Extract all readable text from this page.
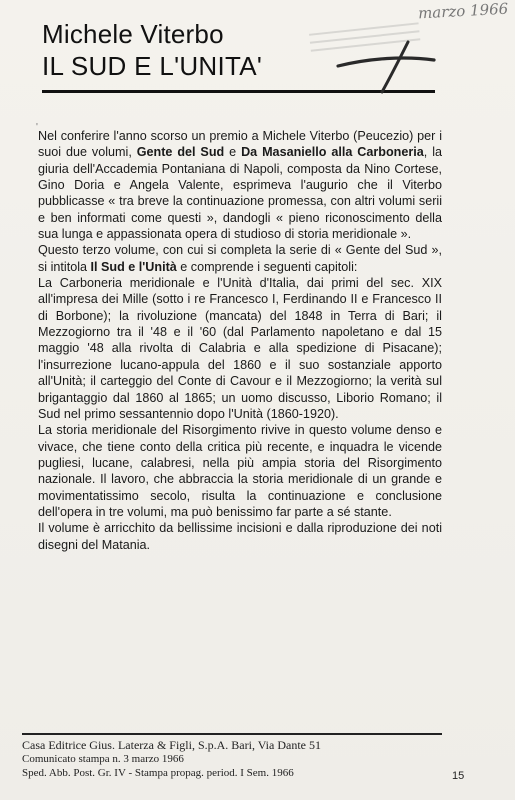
marzo 1966
Michele Viterbo
IL SUD E L'UNITA'
'

Nel conferire l'anno scorso un premio a Michele Viterbo (Peucezio) per i suoi due volumi, Gente del Sud e Da Masaniello alla Carboneria, la giuria dell'Accademia Pontaniana di Napoli, composta da Nino Cortese, Gino Doria e Angela Valente, esprimeva l'augurio che il Viterbo pubblicasse « tra breve la continuazione promessa, con altri volumi serii e ben informati come questi », dandogli « pieno riconoscimento della sua lunga e appassionata opera di studioso di storia meridionale ».

Questo terzo volume, con cui si completa la serie di « Gente del Sud », si intitola Il Sud e l'Unità e comprende i seguenti capitoli:

La Carboneria meridionale e l'Unità d'Italia, dai primi del sec. XIX all'impresa dei Mille (sotto i re Francesco I, Ferdinando II e Francesco II di Borbone); la rivoluzione (mancata) del 1848 in Terra di Bari; il Mezzogiorno tra il '48 e il '60 (dal Parlamento napoletano e dal 15 maggio '48 alla rivolta di Calabria e alla spedizione di Pisacane); l'insurrezione lucano-appula del 1860 e il suo sostanziale apporto all'Unità; il carteggio del Conte di Cavour e il Mezzogiorno; la verità sul brigantaggio dal 1860 al 1865; un uomo discusso, Liborio Romano; il Sud nel primo sessantennio dopo l'Unità (1860-1920).

La storia meridionale del Risorgimento rivive in questo volume denso e vivace, che tiene conto della critica più recente, e inquadra le vicende pugliesi, lucane, calabresi, nella più ampia storia del Risorgimento nazionale. Il lavoro, che abbraccia la storia meridionale di un grande e movimentatissimo secolo, risulta la continuazione e conclusione dell'opera in tre volumi, ma può benissimo far parte a sé stante.

Il volume è arricchito da bellissime incisioni e dalla riproduzione dei noti disegni del Matania.

Casa Editrice Gius. Laterza & Figli, S.p.A. Bari, Via Dante 51
Comunicato stampa n. 3 marzo 1966
Sped. Abb. Post. Gr. IV - Stampa propag. period. I Sem. 1966	15
